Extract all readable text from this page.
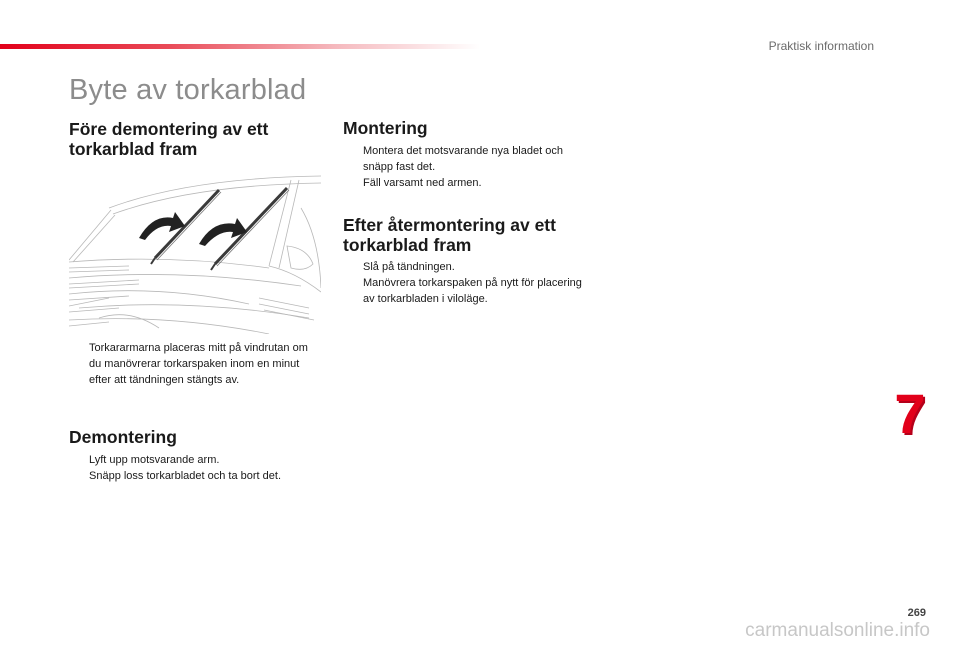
Praktisk information
Byte av torkarblad
Före demontering av ett
torkarblad fram
Torkararmarna placeras mitt på vindrutan om du manövrerar torkarspaken inom en minut efter att tändningen stängts av.
Demontering
Lyft upp motsvarande arm.
Snäpp loss torkarbladet och ta bort det.
Montering
Montera det motsvarande nya bladet och snäpp fast det.
Fäll varsamt ned armen.
Efter återmontering av ett
torkarblad fram
Slå på tändningen.
Manövrera torkarspaken på nytt för placering av torkarbladen i viloläge.
7
269
carmanualsonline.info
